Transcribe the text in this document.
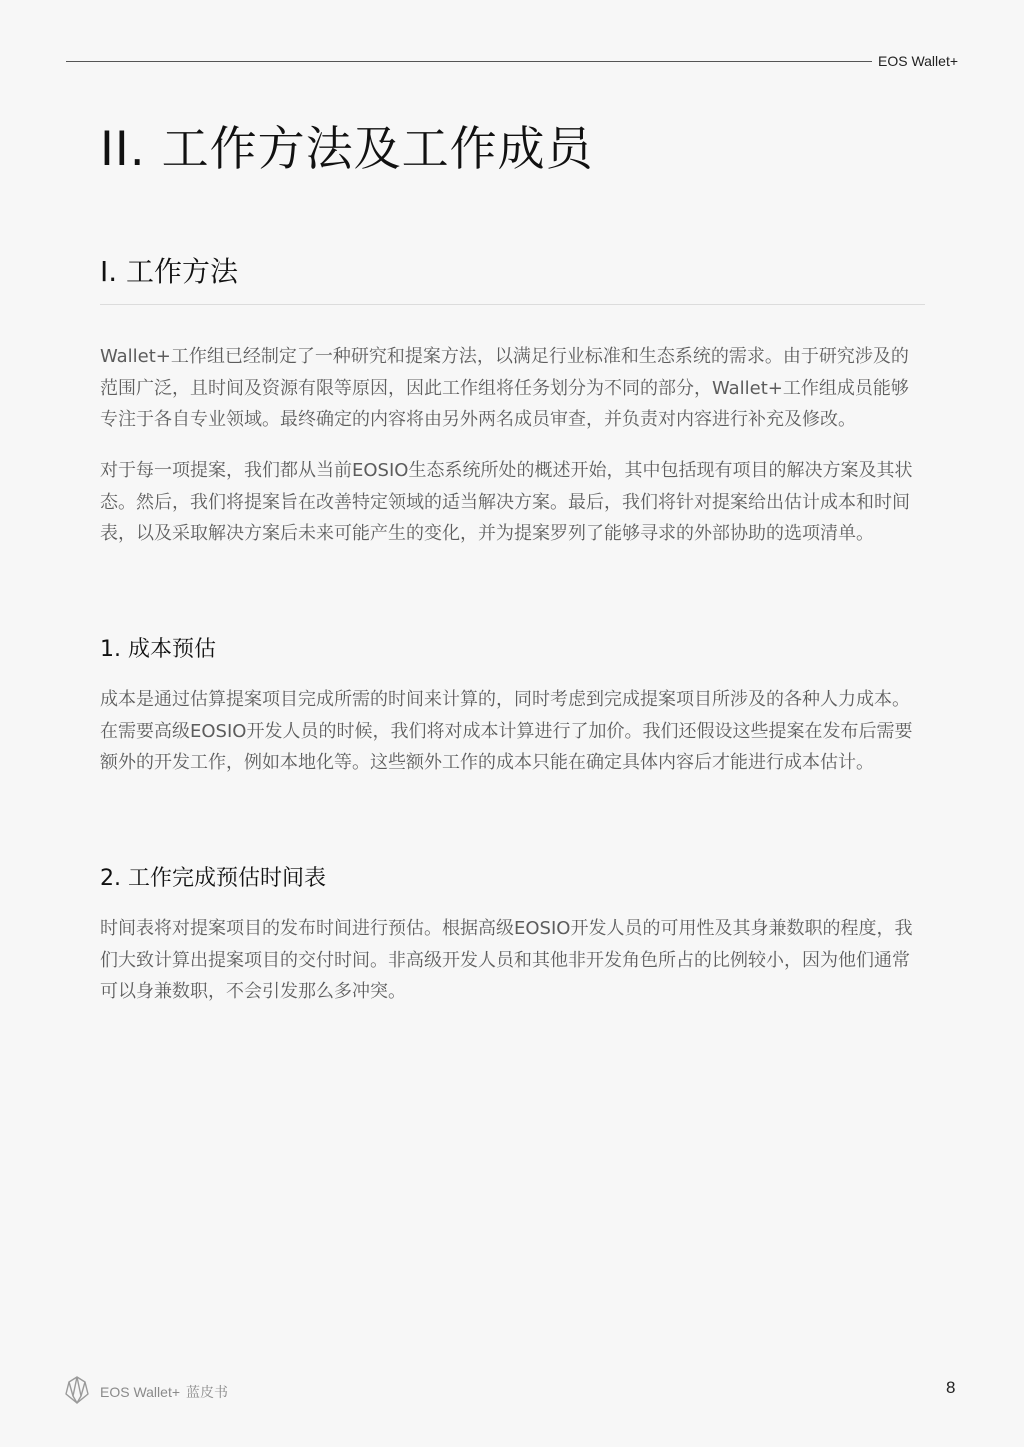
EOS Wallet+
II. 工作方法及工作成员
I. 工作方法

Wallet+工作组已经制定了一种研究和提案方法，以满足行业标准和生态系统的需求。由于研究涉及的范围广泛，且时间及资源有限等原因，因此工作组将任务划分为不同的部分，Wallet+工作组成员能够专注于各自专业领域。最终确定的内容将由另外两名成员审查，并负责对内容进行补充及修改。

对于每一项提案，我们都从当前EOSIO生态系统所处的概述开始，其中包括现有项目的解决方案及其状态。然后，我们将提案旨在改善特定领域的适当解决方案。最后，我们将针对提案给出估计成本和时间表，以及采取解决方案后未来可能产生的变化，并为提案罗列了能够寻求的外部协助的选项清单。

1. 成本预估

成本是通过估算提案项目完成所需的时间来计算的，同时考虑到完成提案项目所涉及的各种人力成本。在需要高级EOSIO开发人员的时候，我们将对成本计算进行了加价。我们还假设这些提案在发布后需要额外的开发工作，例如本地化等。这些额外工作的成本只能在确定具体内容后才能进行成本估计。

2. 工作完成预估时间表

时间表将对提案项目的发布时间进行预估。根据高级EOSIO开发人员的可用性及其身兼数职的程度，我们大致计算出提案项目的交付时间。非高级开发人员和其他非开发角色所占的比例较小，因为他们通常可以身兼数职，不会引发那么多冲突。

EOS Wallet+ 蓝皮书	8
